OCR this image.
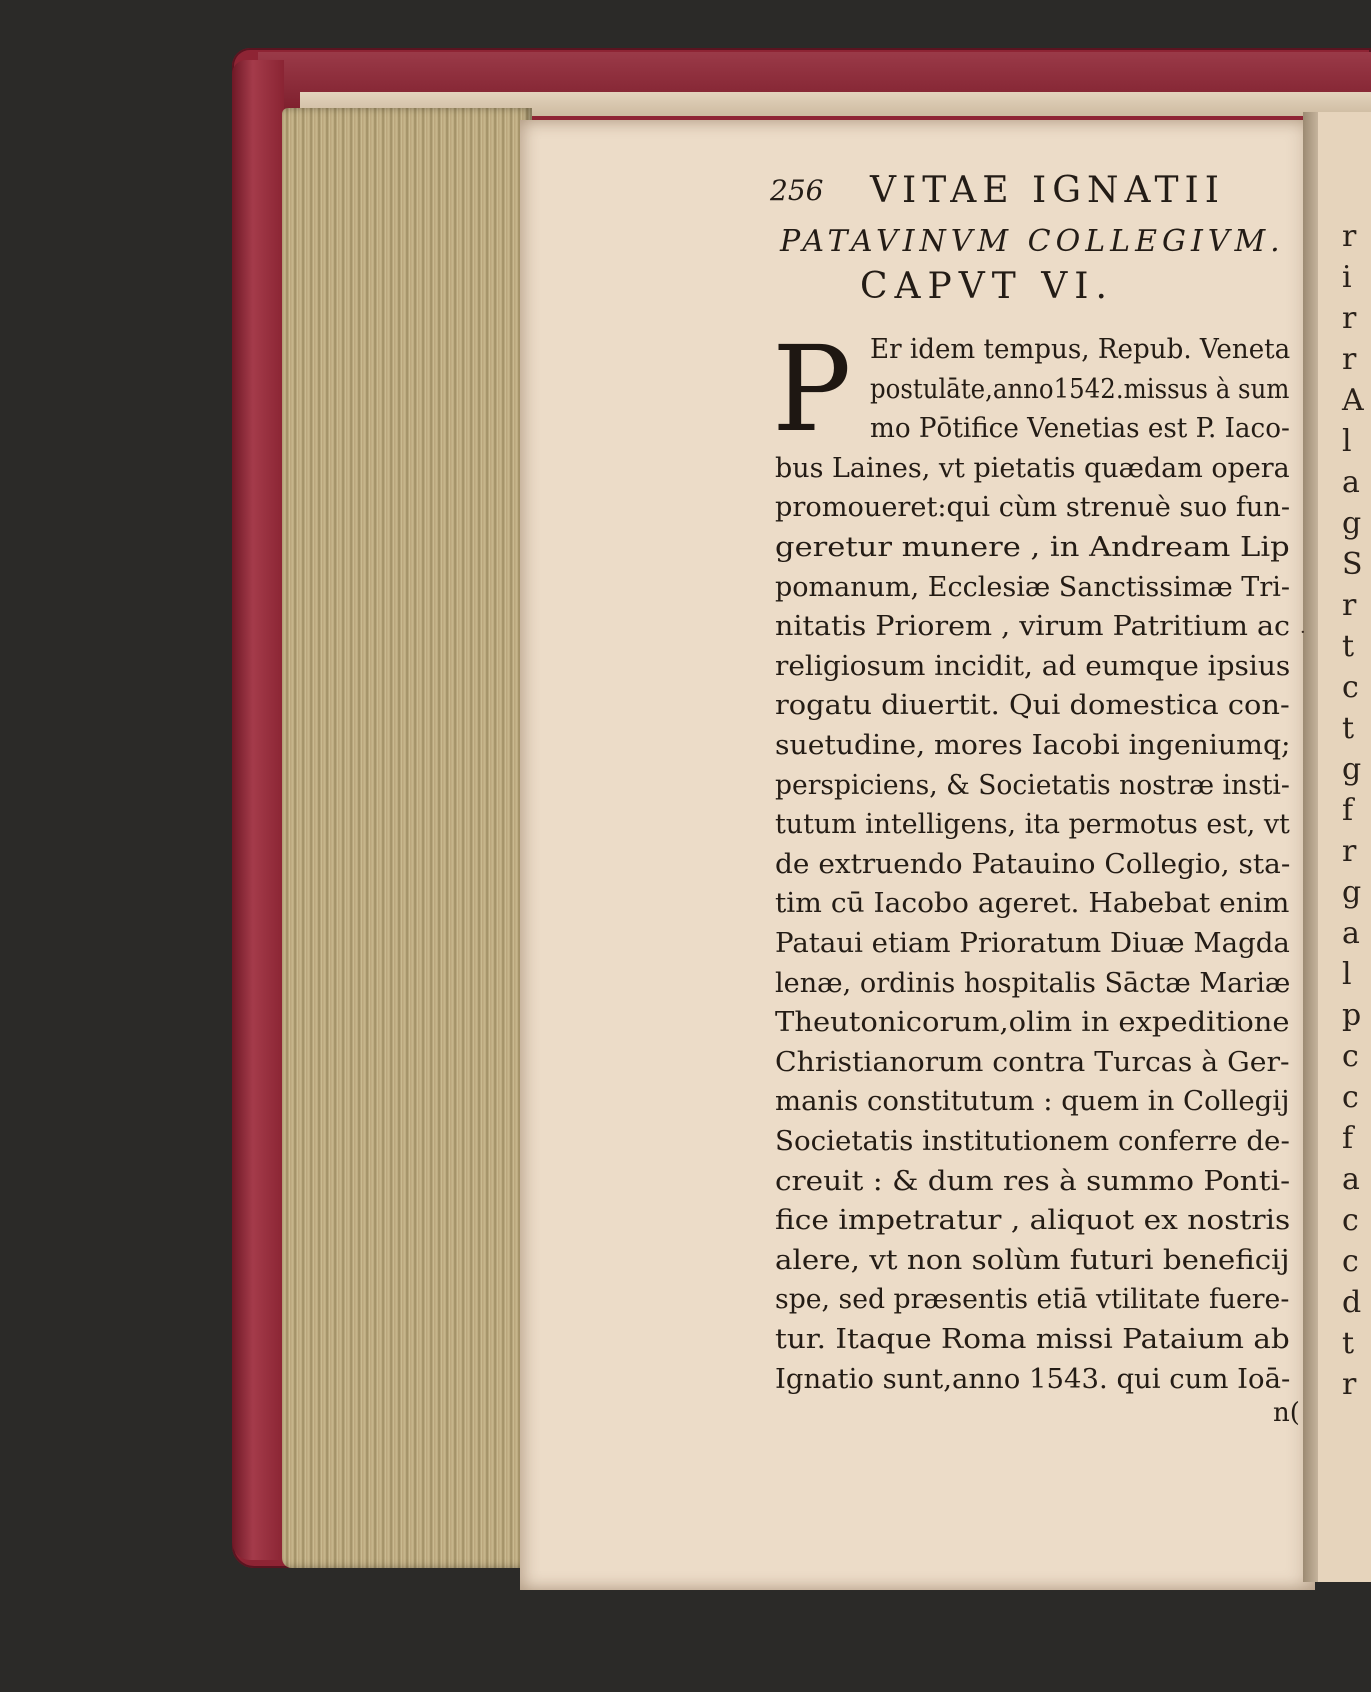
r
i
r
r
A
l
a
g
S
r
t
c
t
g
f
r
g
a
l
p
c
c
f
a
c
c
d
t
r
256 VITAE IGNATII
PATAVINVM COLLEGIVM.
CAPVT VI.
P Er idem tempus, Repub. Veneta
postulāte,anno1542.missus à sum
mo Pōtifice Venetias est P. Iaco-
bus Laines, vt pietatis quædam opera
promoueret:qui cùm strenuè suo fun-
geretur munere , in Andream Lip
pomanum, Ecclesiæ Sanctissimæ Tri-
nitatis Priorem , virum Patritium ac
religiosum incidit, ad eumque ipsius
rogatu diuertit. Qui domestica con-
suetudine, mores Iacobi ingeniumq;
perspiciens, & Societatis nostræ insti-
tutum intelligens, ita permotus est, vt
de extruendo Patauino Collegio, sta-
tim cū Iacobo ageret. Habebat enim
Pataui etiam Prioratum Diuæ Magda
lenæ, ordinis hospitalis Sāctæ Mariæ
Theutonicorum,olim in expeditione
Christianorum contra Turcas à Ger-
manis constitutum : quem in Collegij
Societatis institutionem conferre de-
creuit : & dum res à summo Ponti-
fice impetratur , aliquot ex nostris
alere, vt non solùm futuri beneficij
spe, sed præsentis etiā vtilitate fuere-
tur. Itaque Roma missi Pataium ab
Ignatio sunt,anno 1543. qui cum Ioā-
n(
·
